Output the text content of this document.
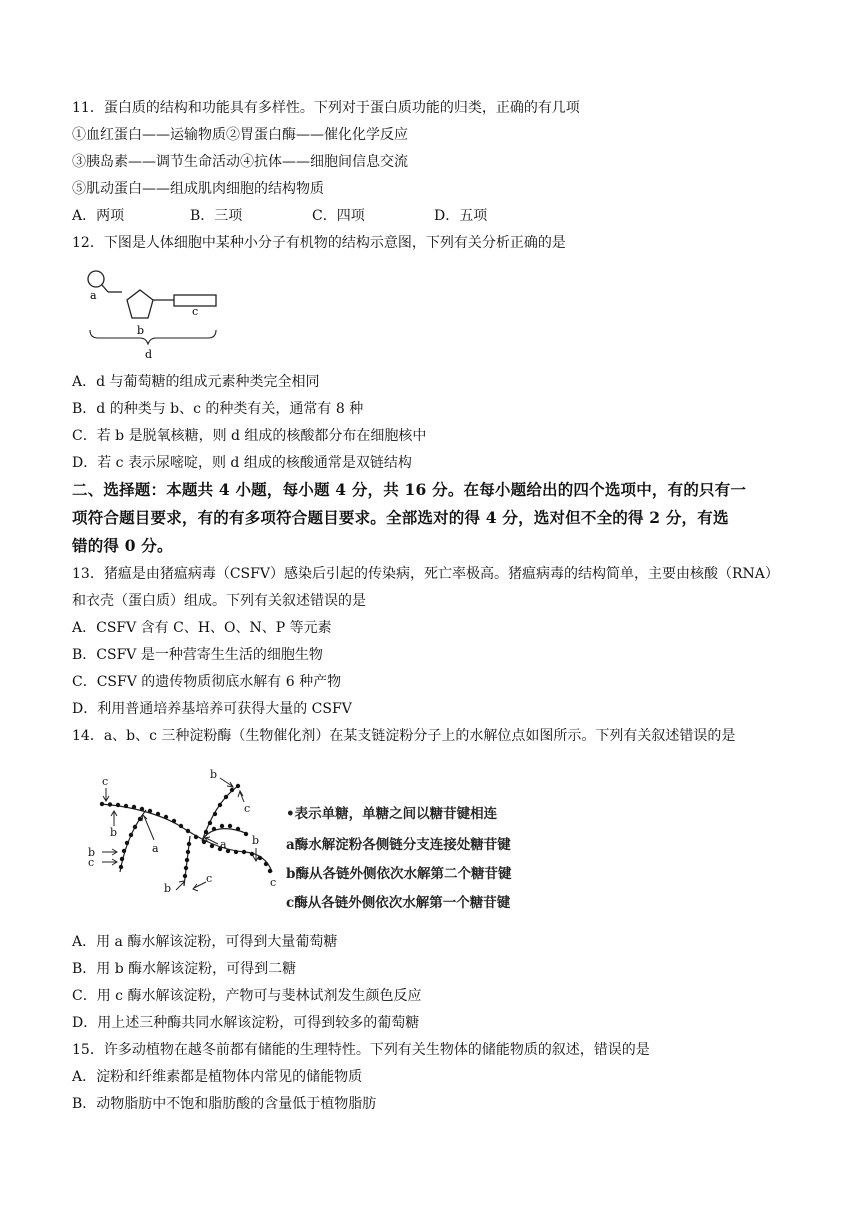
11．蛋白质的结构和功能具有多样性。下列对于蛋白质功能的归类，正确的有几项
①血红蛋白——运输物质②胃蛋白酶——催化化学反应
③胰岛素——调节生命活动④抗体——细胞间信息交流
⑤肌动蛋白——组成肌肉细胞的结构物质
A．两项	B．三项	C．四项	D．五项
12．下图是人体细胞中某种小分子有机物的结构示意图，下列有关分析正确的是
a
b
c
d
A．d 与葡萄糖的组成元素种类完全相同
B．d 的种类与 b、c 的种类有关，通常有 8 种
C．若 b 是脱氧核糖，则 d 组成的核酸都分布在细胞核中
D．若 c 表示尿嘧啶，则 d 组成的核酸通常是双链结构
二、选择题：本题共 4 小题，每小题 4 分，共 16 分。在每小题给出的四个选项中，有的只有一
项符合题目要求，有的有多项符合题目要求。全部选对的得 4 分，选对但不全的得 2 分，有选
错的得 0 分。
13．猪瘟是由猪瘟病毒（CSFV）感染后引起的传染病，死亡率极高。猪瘟病毒的结构简单，主要由核酸（RNA）
和衣壳（蛋白质）组成。下列有关叙述错误的是
A．CSFV 含有 C、H、O、N、P 等元素
B．CSFV 是一种营寄生生活的细胞生物
C．CSFV 的遗传物质彻底水解有 6 种产物
D．利用普通培养基培养可获得大量的 CSFV
14．a、b、c 三种淀粉酶（生物催化剂）在某支链淀粉分子上的水解位点如图所示。下列有关叙述错误的是
c
b
b
c
a
b
c
a b
c
b
c
•表示单糖，单糖之间以糖苷键相连
a酶水解淀粉各侧链分支连接处糖苷键
b酶从各链外侧依次水解第二个糖苷键
c酶从各链外侧依次水解第一个糖苷键
A．用 a 酶水解该淀粉，可得到大量葡萄糖
B．用 b 酶水解该淀粉，可得到二糖
C．用 c 酶水解该淀粉，产物可与斐林试剂发生颜色反应
D．用上述三种酶共同水解该淀粉，可得到较多的葡萄糖
15．许多动植物在越冬前都有储能的生理特性。下列有关生物体的储能物质的叙述，错误的是
A．淀粉和纤维素都是植物体内常见的储能物质
B．动物脂肪中不饱和脂肪酸的含量低于植物脂肪
